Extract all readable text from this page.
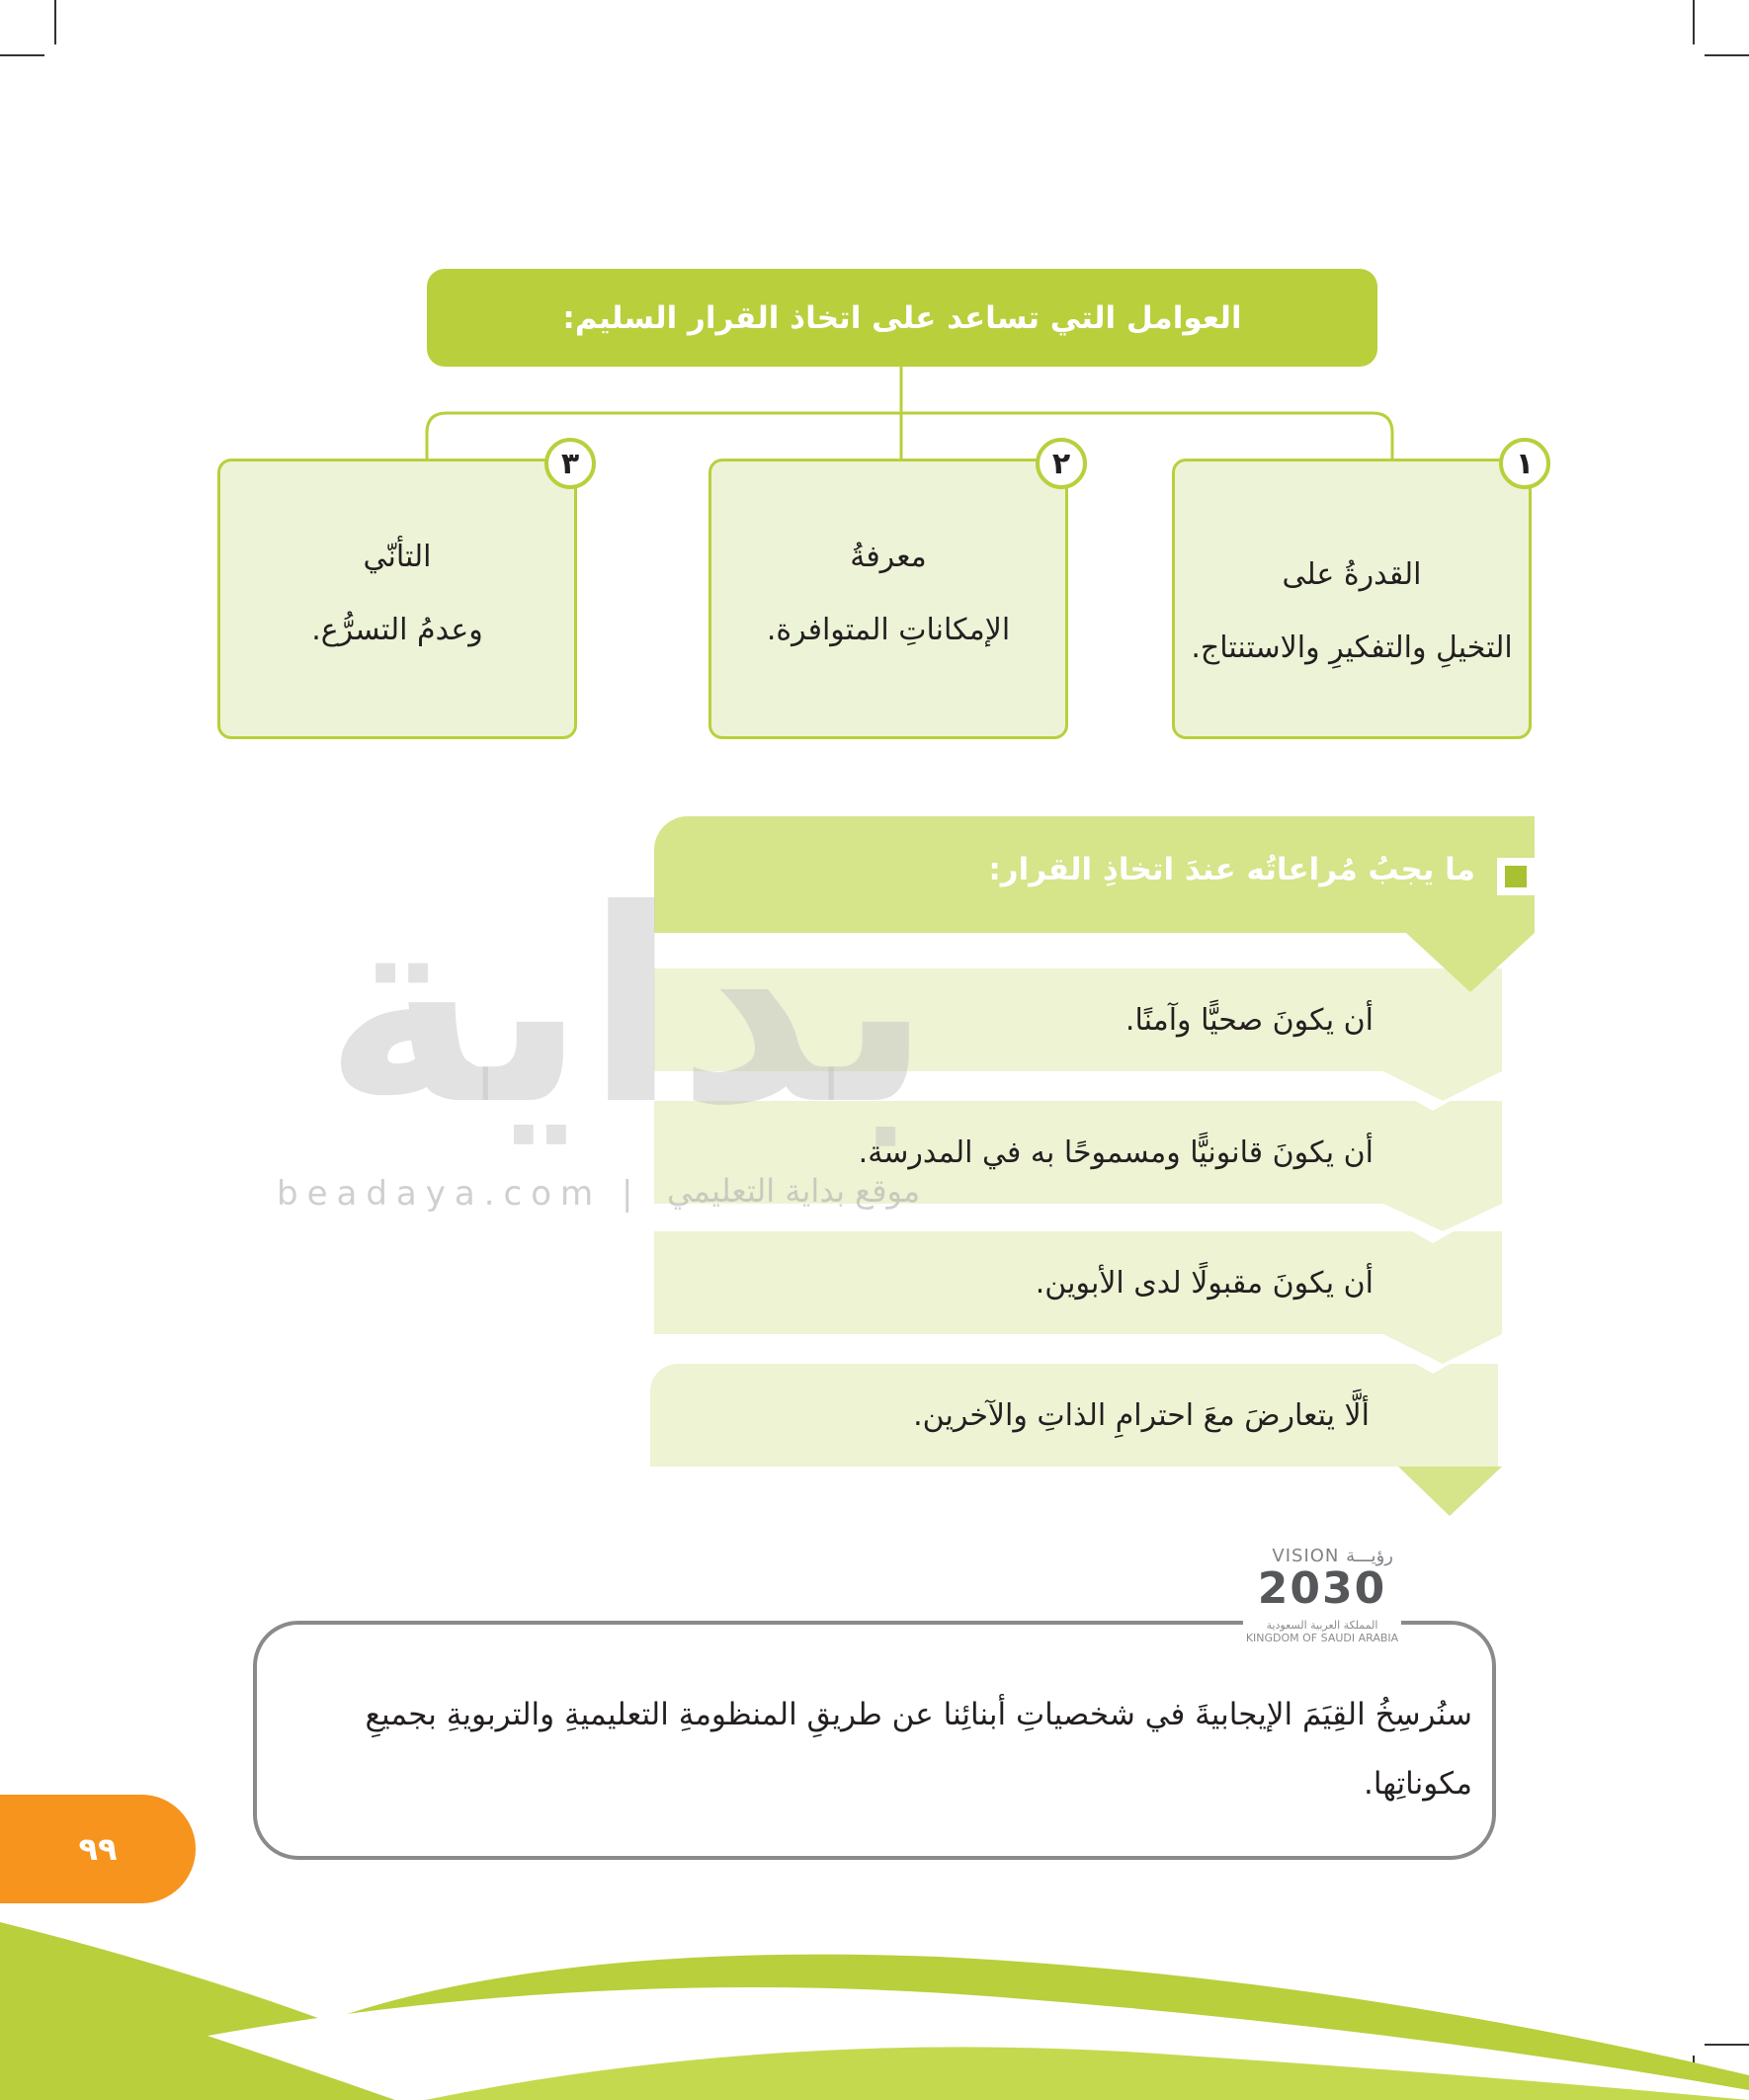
العوامل التي تساعد على اتخاذ القرار السليم:
١
القدرةُ على
التخيلِ والتفكيرِ والاستنتاج.
٢
معرفةُ
الإمكاناتِ المتوافرة.
٣
التأنّي
وعدمُ التسرُّع.
أن يكونَ صحيًّا وآمنًا.
أن يكونَ قانونيًّا ومسموحًا به في المدرسة.
أن يكونَ مقبولًا لدى الأبوين.
ألَّا يتعارضَ معَ احترامِ الذاتِ والآخرين.
ما يجبُ مُراعاتُه عندَ اتخاذِ القرار:
بداية
beadaya.com | موقع بداية التعليمي
سنُرسِخُ القِيَمَ الإيجابيةَ في شخصياتِ أبنائِنا عن طريقِ المنظومةِ التعليميةِ والتربويةِ بجميعِ مكوناتِها.
VISION رؤيـــة
2030
المملكة العربية السعودية
KINGDOM OF SAUDI ARABIA
٩٩
